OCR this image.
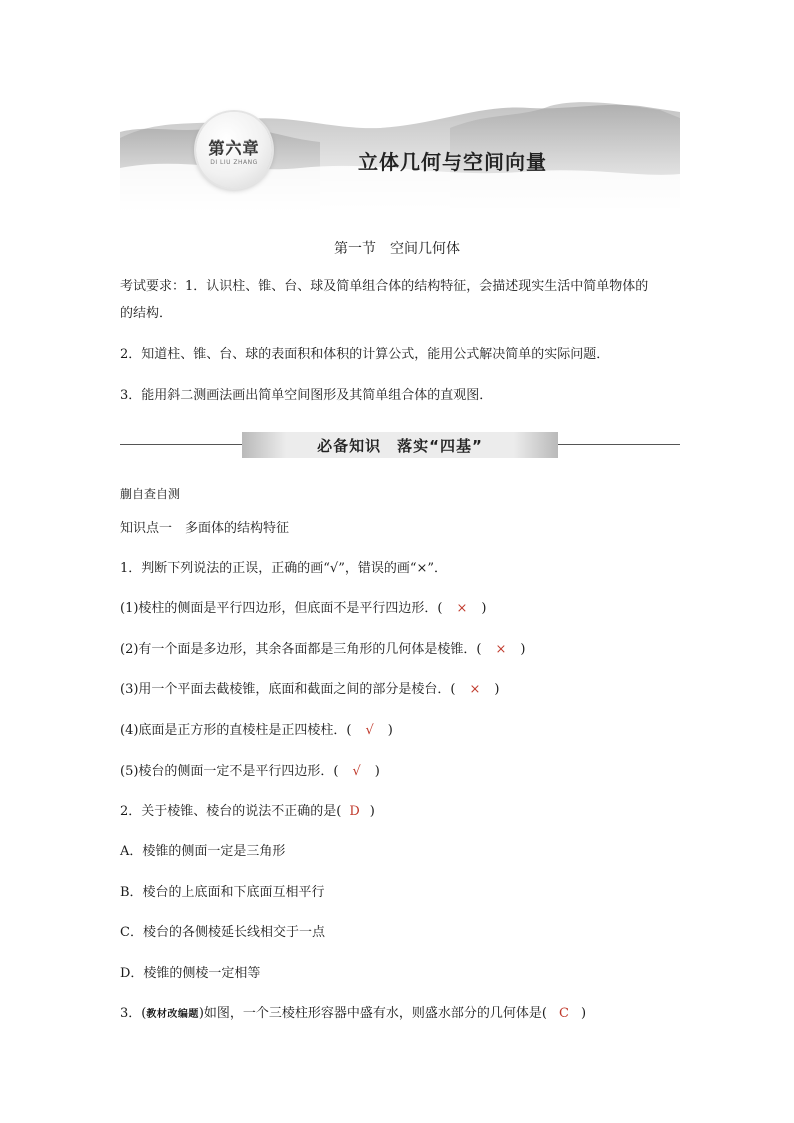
第六章
DI LIU ZHANG	立体几何与空间向量
第一节　空间几何体
考试要求：1．认识柱、锥、台、球及简单组合体的结构特征，会描述现实生活中简单物体的
的结构．
2．知道柱、锥、台、球的表面积和体积的计算公式，能用公式解决简单的实际问题．
3．能用斜二测画法画出简单空间图形及其简单组合体的直观图．
必备知识　落实“四基”
蒯自查自测
知识点一　多面体的结构特征
1．判断下列说法的正误，正确的画“√”，错误的画“×”．
(1)棱柱的侧面是平行四边形，但底面不是平行四边形．( × )
(2)有一个面是多边形，其余各面都是三角形的几何体是棱锥．( × )
(3)用一个平面去截棱锥，底面和截面之间的部分是棱台．( × )
(4)底面是正方形的直棱柱是正四棱柱．( √ )
(5)棱台的侧面一定不是平行四边形．( √ )
2．关于棱锥、棱台的说法不正确的是( D )
A．棱锥的侧面一定是三角形
B．棱台的上底面和下底面互相平行
C．棱台的各侧棱延长线相交于一点
D．棱锥的侧棱一定相等
3．(教材改编题)如图，一个三棱柱形容器中盛有水，则盛水部分的几何体是( C )
